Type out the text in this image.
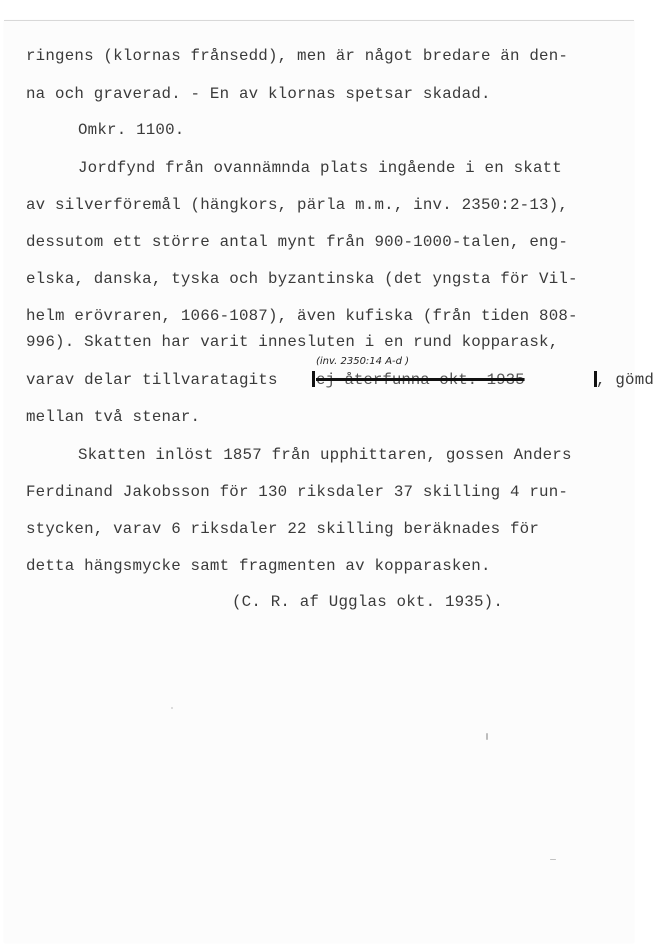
ringens (klornas frånsedd), men är något bredare än den-
na och graverad. - En av klornas spetsar skadad.
Omkr. 1100.
Jordfynd från ovannämnda plats ingående i en skatt
av silverföremål (hängkors, pärla m.m., inv. 2350:2-13),
dessutom ett större antal mynt från 900-1000-talen, eng-
elska, danska, tyska och byzantinska (det yngsta för Vil-
helm erövraren, 1066-1087), även kufiska (från tiden 808-
996). Skatten har varit innesluten i en rund kopparask,
(inv. 2350:14 A-d )
varav delar tillvaratagits ej återfunna okt. 1935	, gömd
mellan två stenar.
Skatten inlöst 1857 från upphittaren, gossen Anders
Ferdinand Jakobsson för 130 riksdaler 37 skilling 4 run-
stycken, varav 6 riksdaler 22 skilling beräknades för
detta hängsmycke samt fragmenten av kopparasken.
(C. R. af Ugglas okt. 1935).
